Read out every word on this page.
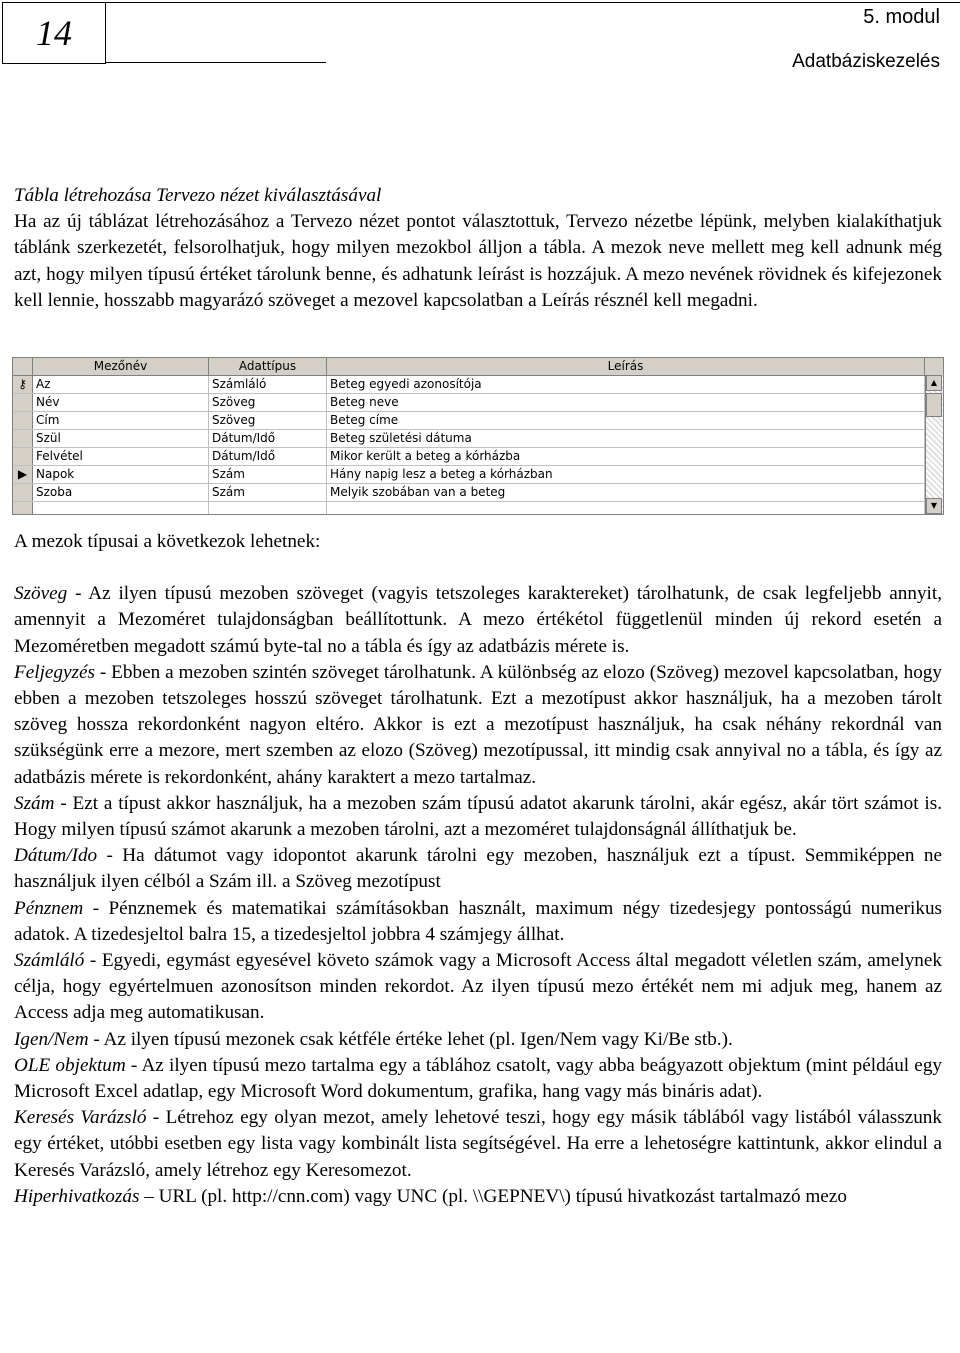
14	5. modul
Adatbáziskezelés

Tábla létrehozása Tervezo nézet kiválasztásával

Ha az új táblázat létrehozásához a Tervezo nézet pontot választottuk, Tervezo nézetbe lépünk, melyben kialakíthatjuk táblánk szerkezetét, felsorolhatjuk, hogy milyen mezokbol álljon a tábla. A mezok neve mellett meg kell adnunk még azt, hogy milyen típusú értéket tárolunk benne, és adhatunk leírást is hozzájuk. A mezo nevének rövidnek és kifejezonek kell lennie, hosszabb magyarázó szöveget a mezovel kapcsolatban a Leírás résznél kell megadni.

Mezőnév	Adattípus	Leírás
⚷ Az	Számláló	Beteg egyedi azonosítója
Név	Szöveg	Beteg neve
Cím	Szöveg	Beteg címe
Szül	Dátum/Idő	Beteg születési dátuma
Felvétel	Dátum/Idő	Mikor került a beteg a kórházba
▶ Napok	Szám	Hány napig lesz a beteg a kórházban
Szoba	Szám	Melyik szobában van a beteg
▲
▼

A mezok típusai a következok lehetnek:

Szöveg - Az ilyen típusú mezoben szöveget (vagyis tetszoleges karaktereket) tárolhatunk, de csak legfeljebb annyit, amennyit a Mezoméret tulajdonságban beállítottunk. A mezo értékétol függetlenül minden új rekord esetén a Mezoméretben megadott számú byte-tal no a tábla és így az adatbázis mérete is.

Feljegyzés - Ebben a mezoben szintén szöveget tárolhatunk. A különbség az elozo (Szöveg) mezovel kapcsolatban, hogy ebben a mezoben tetszoleges hosszú szöveget tárolhatunk. Ezt a mezotípust akkor használjuk, ha a mezoben tárolt szöveg hossza rekordonként nagyon eltéro. Akkor is ezt a mezotípust használjuk, ha csak néhány rekordnál van szükségünk erre a mezore, mert szemben az elozo (Szöveg) mezotípussal, itt mindig csak annyival no a tábla, és így az adatbázis mérete is rekordonként, ahány karaktert a mezo tartalmaz.

Szám - Ezt a típust akkor használjuk, ha a mezoben szám típusú adatot akarunk tárolni, akár egész, akár tört számot is. Hogy milyen típusú számot akarunk a mezoben tárolni, azt a mezoméret tulajdonságnál állíthatjuk be.

Dátum/Ido - Ha dátumot vagy idopontot akarunk tárolni egy mezoben, használjuk ezt a típust. Semmiképpen ne használjuk ilyen célból a Szám ill. a Szöveg mezotípust

Pénznem - Pénznemek és matematikai számításokban használt, maximum négy tizedesjegy pontosságú numerikus adatok. A tizedesjeltol balra 15, a tizedesjeltol jobbra 4 számjegy állhat.

Számláló - Egyedi, egymást egyesével követo számok vagy a Microsoft Access által megadott véletlen szám, amelynek célja, hogy egyértelmuen azonosítson minden rekordot. Az ilyen típusú mezo értékét nem mi adjuk meg, hanem az Access adja meg automatikusan.

Igen/Nem - Az ilyen típusú mezonek csak kétféle értéke lehet (pl. Igen/Nem vagy Ki/Be stb.).

OLE objektum - Az ilyen típusú mezo tartalma egy a táblához csatolt, vagy abba beágyazott objektum (mint például egy Microsoft Excel adatlap, egy Microsoft Word dokumentum, grafika, hang vagy más bináris adat).

Keresés Varázsló - Létrehoz egy olyan mezot, amely lehetové teszi, hogy egy másik táblából vagy listából válasszunk egy értéket, utóbbi esetben egy lista vagy kombinált lista segítségével. Ha erre a lehetoségre kattintunk, akkor elindul a Keresés Varázsló, amely létrehoz egy Keresomezot.

Hiperhivatkozás – URL (pl. http://cnn.com) vagy UNC (pl. \\GEPNEV\) típusú hivatkozást tartalmazó mezo
